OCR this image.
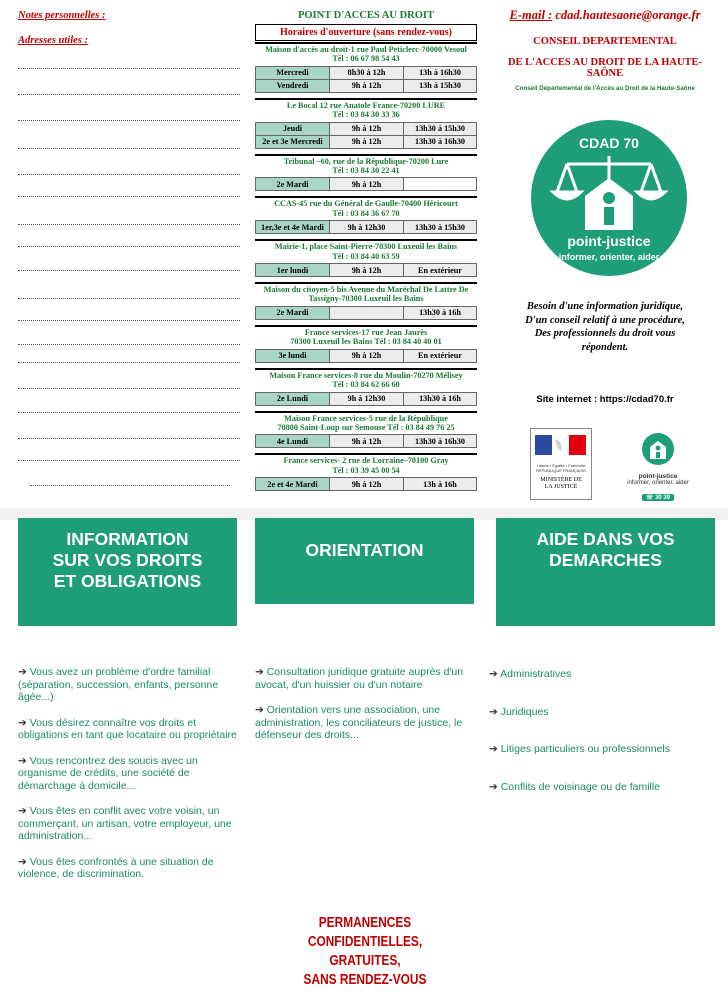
Notes personnelles :
Adresses utiles :
POINT D'ACCES AU DROIT
Horaires d'ouverture (sans rendez-vous)
Maison d'accès au droit-1 rue Paul Peticlerc-70000 Vesoul
Tél : 06 67 98 54 43
Mercredi	8h30 à 12h	13h à 16h30
Vendredi	9h à 12h	13h à 15h30
Le Bocal 12 rue Anatole France-70200 LURE
Tél : 03 84 30 33 36
Jeudi	9h à 12h	13h30 à 15h30
2e et 3e Mercredi	9h à 12h	13h30 à 16h30
Tribunal –60, rue de la République-70200 Lure
Tél : 03 84 30 22 41
2e Mardi	9h à 12h	
CCAS-45 rue du Général de Gaulle-70400 Héricourt
Tél : 03 84 36 67 70
1er,3e et 4e Mardi	9h à 12h30	13h30 à 15h30
Mairie-1, place Saint-Pierre-70300 Luxeuil les Bains
Tél : 03 84 40 63 59
1er lundi	9h à 12h	En extérieur
Maison du citoyen-5 bis Avenue du Maréchal De Lattre De
Tassigny-70300 Luxeuil les Bains
2e Mardi		13h30 à 16h
France services-17 rue Jean Jaurès
70300 Luxeuil les Bains Tél : 03 84 40 40 01
3e lundi	9h à 12h	En extérieur
Maison France services-8 rue du Moulin-70270 Mélisey
Tél : 03 84 62 66 60
2e Lundi	9h à 12h30	13h30 à 16h
Maison France services-5 rue de la République
70800 Saint-Loup sur Semouse Tél : 03 84 49 76 25
4e Lundi	9h à 12h	13h30 à 16h30
France services- 2 rue de Lorraine–70100 Gray
Tél : 03 39 45 00 54
2e et 4e Mardi	9h à 12h	13h à 16h
E-mail : cdad.hautesaone@orange.fr
CONSEIL DEPARTEMENTAL
DE L'ACCES AU DROIT DE LA HAUTE-SAÔNE
Conseil Départemental de l'Accès au Droit de la Haute-Saône
CDAD 70
point-justice
informer, orienter, aider
Besoin d'une information juridique,
D'un conseil relatif à une procédure,
Des professionnels du droit vous
répondent.
Site internet : https://cdad70.fr
Liberté • Égalité • Fraternité RÉPUBLIQUE FRANÇAISE
MINISTÈRE DE
LA JUSTICE
point-justice
informer, orienter, aider
☏ 30 39
INFORMATION
SUR VOS DROITS
ET OBLIGATIONS
ORIENTATION
AIDE DANS VOS
DEMARCHES
➔ Vous avez un problème d'ordre familial (séparation, succession, enfants, personne âgée...)
➔ Vous désirez connaître vos droits et obligations en tant que locataire ou propriétaire
➔ Vous rencontrez des soucis avec un organisme de crédits, une société de démarchage à domicile...
➔ Vous êtes en conflit avec votre voisin, un commerçant, un artisan, votre employeur, une administration...
➔ Vous êtes confrontés à une situation de violence, de discrimination.
➔ Consultation juridique gratuite auprès d'un avocat, d'un huissier ou d'un notaire
➔ Orientation vers une association, une administration, les conciliateurs de justice, le défenseur des droits...
➔ Administratives
➔ Juridiques
➔ Litiges particuliers ou professionnels
➔ Conflits de voisinage ou de famille
PERMANENCES CONFIDENTIELLES,
GRATUITES,
SANS RENDEZ-VOUS
